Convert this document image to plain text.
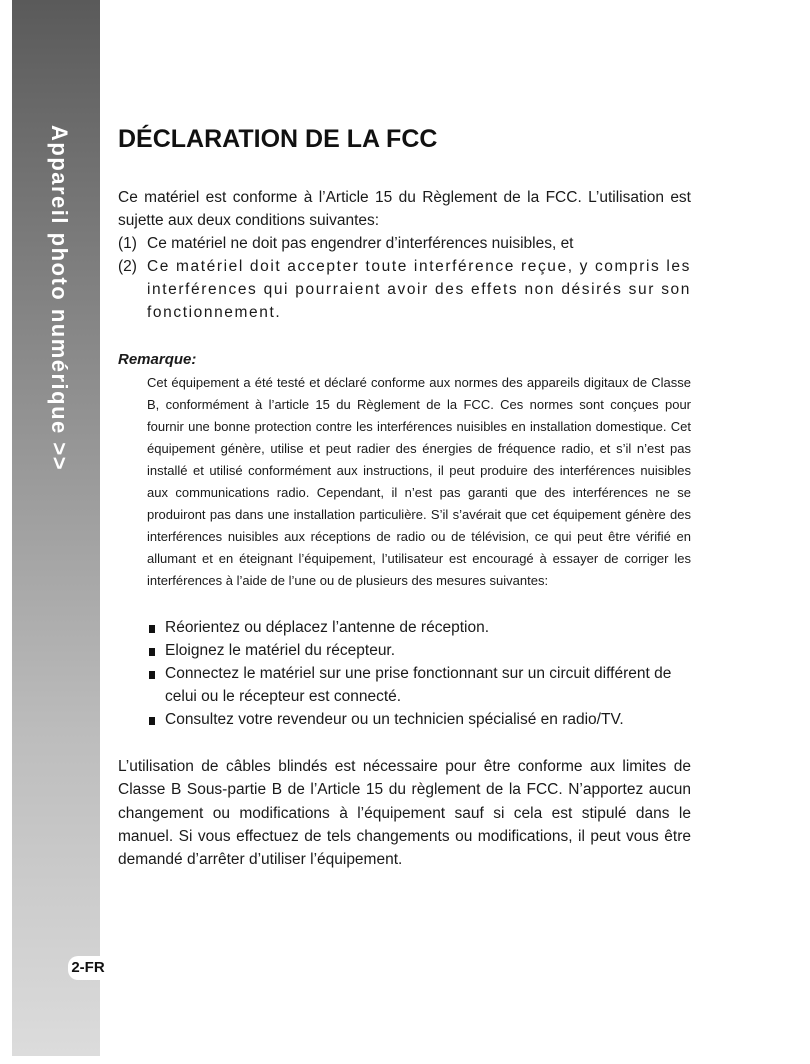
Appareil photo numérique >>
2-FR
DÉCLARATION DE LA FCC

Ce matériel est conforme à l’Article 15 du Règlement de la FCC. L’utilisation est sujette aux deux conditions suivantes:

(1) Ce matériel ne doit pas engendrer d’interférences nuisibles, et
(2) Ce matériel doit accepter toute interférence reçue, y compris les interférences qui pourraient avoir des effets non désirés sur son fonctionnement.
Remarque:

Cet équipement a été testé et déclaré conforme aux normes des appareils digitaux de Classe B, conformément à l’article 15 du Règlement de la FCC. Ces normes sont conçues pour fournir une bonne protection contre les interférences nuisibles en installation domestique. Cet équipement génère, utilise et peut radier des énergies de fréquence radio, et s’il n’est pas installé et utilisé conformément aux instructions, il peut produire des interférences nuisibles aux communications radio. Cependant, il n’est pas garanti que des interférences ne se produiront pas dans une installation particulière. S’il s’avérait que cet équipement génère des interférences nuisibles aux réceptions de radio ou de télévision, ce qui peut être vérifié en allumant et en éteignant l’équipement, l’utilisateur est encouragé à essayer de corriger les interférences à l’aide de l’une ou de plusieurs des mesures suivantes:

Réorientez ou déplacez l’antenne de réception.
Eloignez le matériel du récepteur.
Connectez le matériel sur une prise fonctionnant sur un circuit différent de celui ou le récepteur est connecté.
Consultez votre revendeur ou un technicien spécialisé en radio/TV.

L’utilisation de câbles blindés est nécessaire pour être conforme aux limites de Classe B Sous-partie B de l’Article 15 du règlement de la FCC. N’apportez aucun changement ou modifications à l’équipement sauf si cela est stipulé dans le manuel. Si vous effectuez de tels changements ou modifications, il peut vous être demandé d’arrêter d’utiliser l’équipement.
